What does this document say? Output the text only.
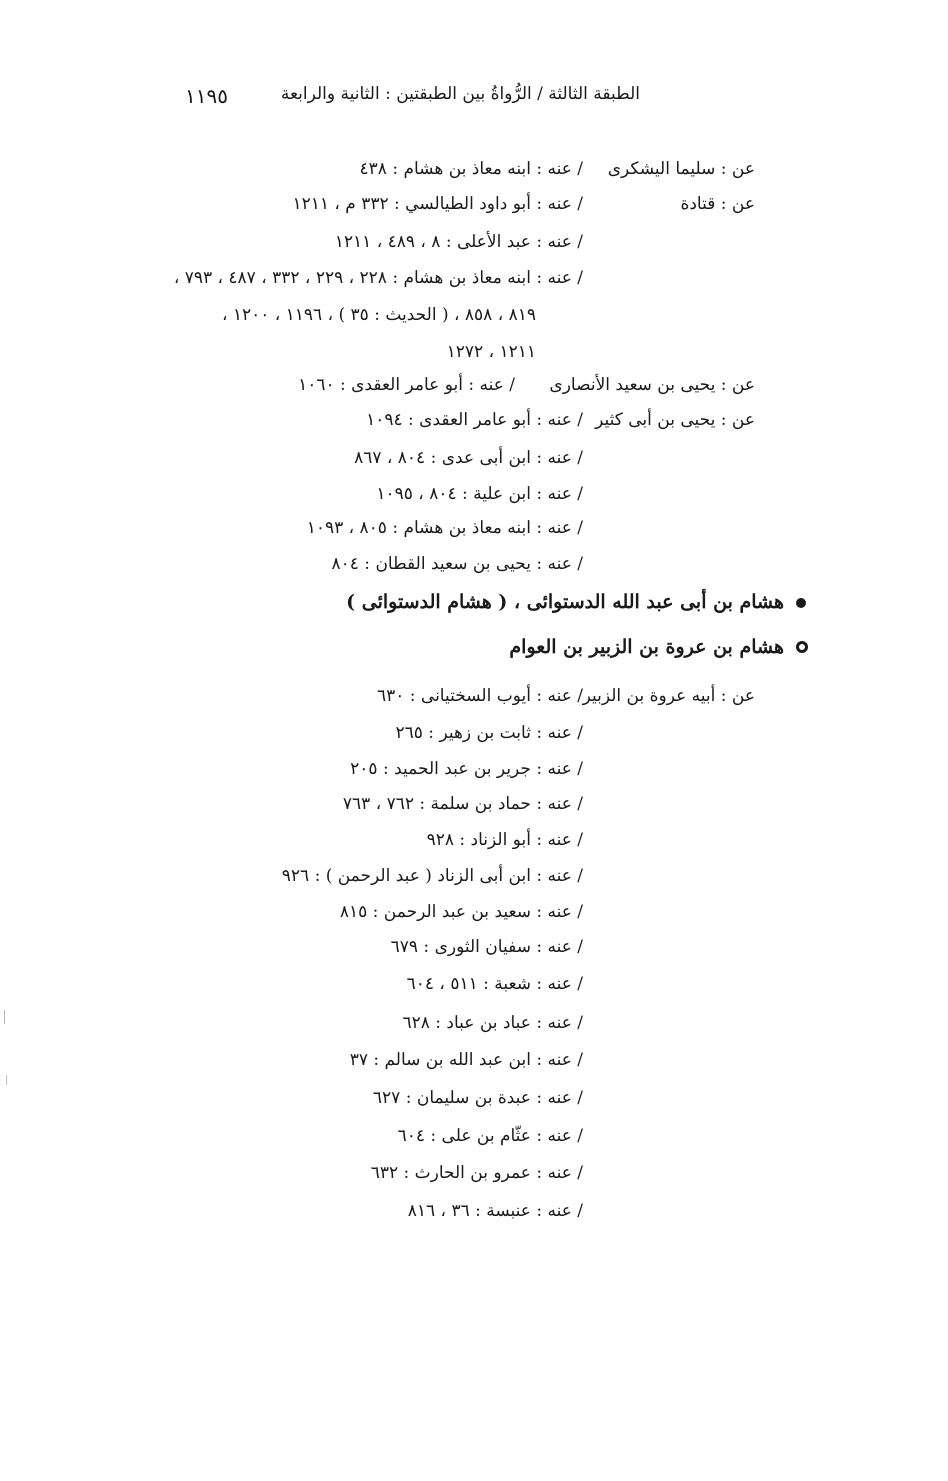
الطبقة الثالثة / الرُّواةُ بين الطبقتين : الثانية والرابعة
١١٩٥
عن : سليما اليشكرى
/ عنه : ابنه معاذ بن هشام : ٤٣٨
عن : قتادة
/ عنه : أبو داود الطيالسي : ٣٣٢ م ، ١٢١١
/ عنه : عبد الأعلى : ٨ ، ٤٨٩ ، ١٢١١
/ عنه : ابنه معاذ بن هشام : ٢٢٨ ، ٢٢٩ ، ٣٣٢ ، ٤٨٧ ، ٧٩٣ ،
٨١٩ ، ٨٥٨ ، ( الحديث : ٣٥ ) ، ١١٩٦ ، ١٢٠٠ ،
١٢١١ ، ١٢٧٢
عن : يحيى بن سعيد الأنصارى
/ عنه : أبو عامر العقدى : ١٠٦٠
عن : يحيى بن أبى كثير
/ عنه : أبو عامر العقدى : ١٠٩٤
/ عنه : ابن أبى عدى : ٨٠٤ ، ٨٦٧
/ عنه : ابن علية : ٨٠٤ ، ١٠٩٥
/ عنه : ابنه معاذ بن هشام : ٨٠٥ ، ١٠٩٣
/ عنه : يحيى بن سعيد القطان : ٨٠٤
هشام بن أبى عبد الله الدستوائى ، ( هشام الدستوائى )
هشام بن عروة بن الزبير بن العوام
عن : أبيه عروة بن الزبير
/ عنه : أيوب السختيانى : ٦٣٠
/ عنه : ثابت بن زهير : ٢٦٥
/ عنه : جرير بن عبد الحميد : ٢٠٥
/ عنه : حماد بن سلمة : ٧٦٢ ، ٧٦٣
/ عنه : أبو الزناد : ٩٢٨
/ عنه : ابن أبى الزناد ( عبد الرحمن ) : ٩٢٦
/ عنه : سعيد بن عبد الرحمن : ٨١٥
/ عنه : سفيان الثورى : ٦٧٩
/ عنه : شعبة : ٥١١ ، ٦٠٤
/ عنه : عباد بن عباد : ٦٢٨
/ عنه : ابن عبد الله بن سالم : ٣٧
/ عنه : عبدة بن سليمان : ٦٢٧
/ عنه : عثّام بن على : ٦٠٤
/ عنه : عمرو بن الحارث : ٦٣٢
/ عنه : عنبسة : ٣٦ ، ٨١٦
